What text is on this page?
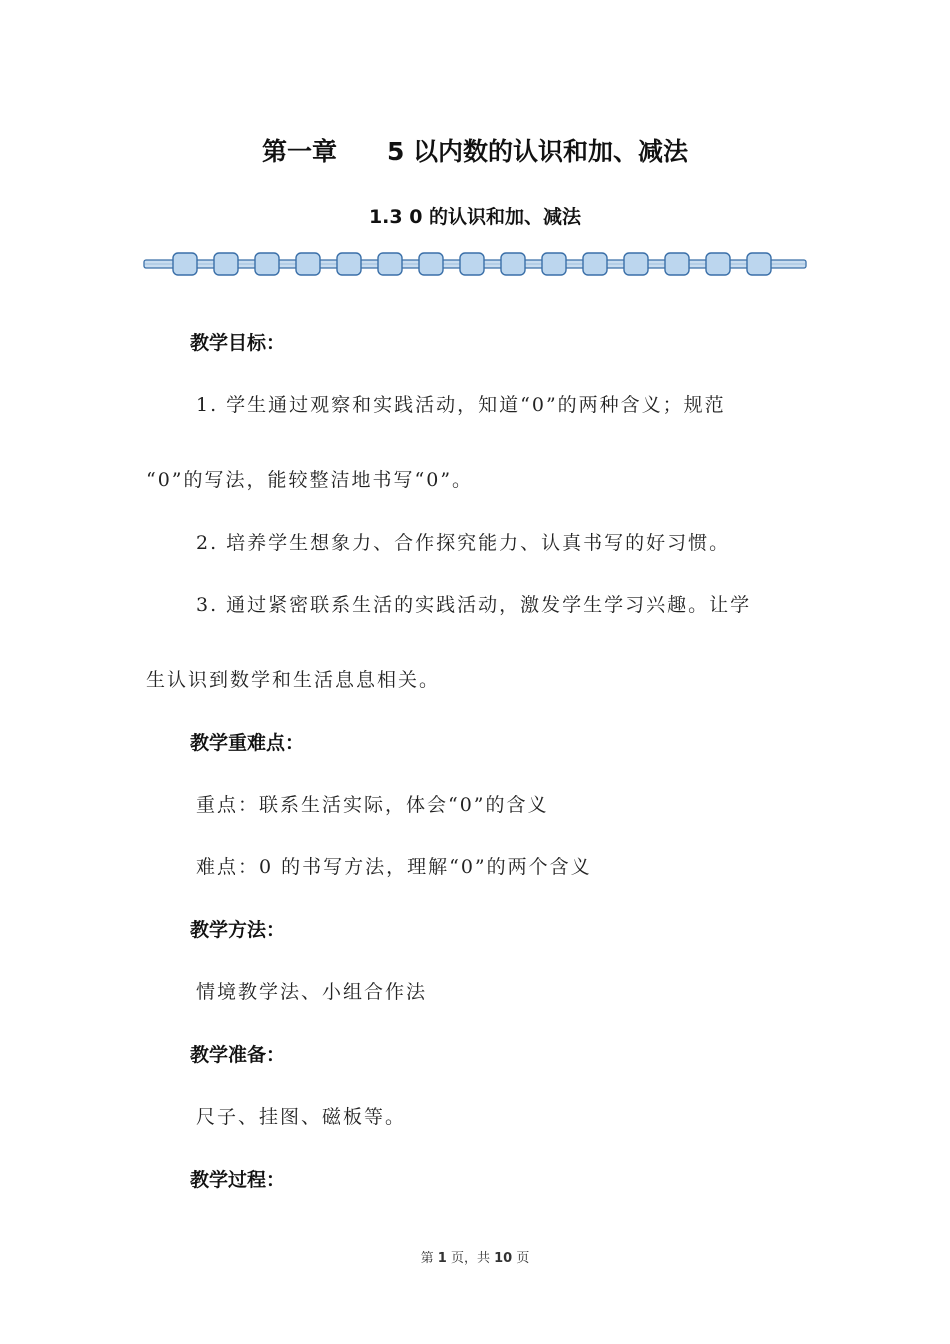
第一章 5 以内数的认识和加、减法
1.3 0 的认识和加、减法
教学目标：
1. 学生通过观察和实践活动，知道“0”的两种含义；规范
“0”的写法，能较整洁地书写“0”。
2. 培养学生想象力、合作探究能力、认真书写的好习惯。
3. 通过紧密联系生活的实践活动，激发学生学习兴趣。让学
生认识到数学和生活息息相关。
教学重难点：
重点：联系生活实际，体会“0”的含义
难点：0 的书写方法，理解“0”的两个含义
教学方法：
情境教学法、小组合作法
教学准备：
尺子、挂图、磁板等。
教学过程：
第 1 页，共 10 页
